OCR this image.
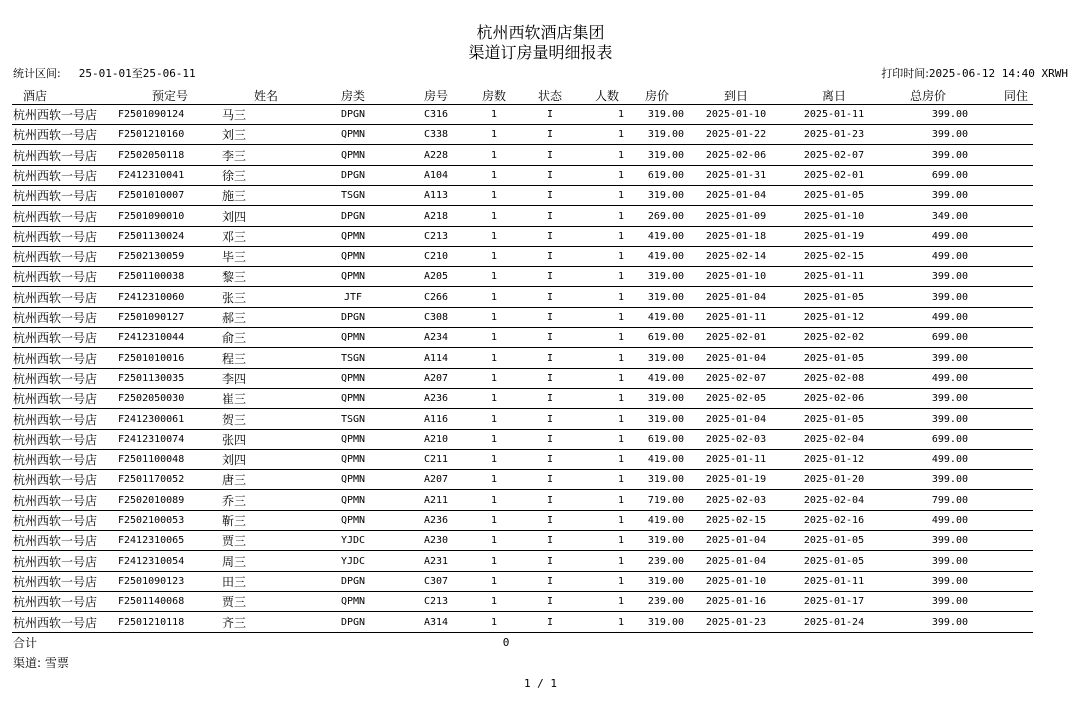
杭州西软酒店集团
渠道订房量明细报表
统计区间: 25-01-01至25-06-11	打印时间:2025-06-12 14:40 XRWH
酒店	预定号	姓名	房类	房号	房数	状态	人数	房价	到日	离日	总房价	同住
杭州西软一号店	F2501090124	马三	DPGN	C316	1	I	1	319.00	2025-01-10	2025-01-11	399.00
杭州西软一号店	F2501210160	刘三	QPMN	C338	1	I	1	319.00	2025-01-22	2025-01-23	399.00
杭州西软一号店	F2502050118	李三	QPMN	A228	1	I	1	319.00	2025-02-06	2025-02-07	399.00
杭州西软一号店	F2412310041	徐三	DPGN	A104	1	I	1	619.00	2025-01-31	2025-02-01	699.00
杭州西软一号店	F2501010007	施三	TSGN	A113	1	I	1	319.00	2025-01-04	2025-01-05	399.00
杭州西软一号店	F2501090010	刘四	DPGN	A218	1	I	1	269.00	2025-01-09	2025-01-10	349.00
杭州西软一号店	F2501130024	邓三	QPMN	C213	1	I	1	419.00	2025-01-18	2025-01-19	499.00
杭州西软一号店	F2502130059	毕三	QPMN	C210	1	I	1	419.00	2025-02-14	2025-02-15	499.00
杭州西软一号店	F2501100038	黎三	QPMN	A205	1	I	1	319.00	2025-01-10	2025-01-11	399.00
杭州西软一号店	F2412310060	张三	JTF	C266	1	I	1	319.00	2025-01-04	2025-01-05	399.00
杭州西软一号店	F2501090127	郝三	DPGN	C308	1	I	1	419.00	2025-01-11	2025-01-12	499.00
杭州西软一号店	F2412310044	俞三	QPMN	A234	1	I	1	619.00	2025-02-01	2025-02-02	699.00
杭州西软一号店	F2501010016	程三	TSGN	A114	1	I	1	319.00	2025-01-04	2025-01-05	399.00
杭州西软一号店	F2501130035	李四	QPMN	A207	1	I	1	419.00	2025-02-07	2025-02-08	499.00
杭州西软一号店	F2502050030	崔三	QPMN	A236	1	I	1	319.00	2025-02-05	2025-02-06	399.00
杭州西软一号店	F2412300061	贺三	TSGN	A116	1	I	1	319.00	2025-01-04	2025-01-05	399.00
杭州西软一号店	F2412310074	张四	QPMN	A210	1	I	1	619.00	2025-02-03	2025-02-04	699.00
杭州西软一号店	F2501100048	刘四	QPMN	C211	1	I	1	419.00	2025-01-11	2025-01-12	499.00
杭州西软一号店	F2501170052	唐三	QPMN	A207	1	I	1	319.00	2025-01-19	2025-01-20	399.00
杭州西软一号店	F2502010089	乔三	QPMN	A211	1	I	1	719.00	2025-02-03	2025-02-04	799.00
杭州西软一号店	F2502100053	靳三	QPMN	A236	1	I	1	419.00	2025-02-15	2025-02-16	499.00
杭州西软一号店	F2412310065	贾三	YJDC	A230	1	I	1	319.00	2025-01-04	2025-01-05	399.00
杭州西软一号店	F2412310054	周三	YJDC	A231	1	I	1	239.00	2025-01-04	2025-01-05	399.00
杭州西软一号店	F2501090123	田三	DPGN	C307	1	I	1	319.00	2025-01-10	2025-01-11	399.00
杭州西软一号店	F2501140068	贾三	QPMN	C213	1	I	1	239.00	2025-01-16	2025-01-17	399.00
杭州西软一号店	F2501210118	齐三	DPGN	A314	1	I	1	319.00	2025-01-23	2025-01-24	399.00
合计	0
渠道: 雪票
1 / 1
